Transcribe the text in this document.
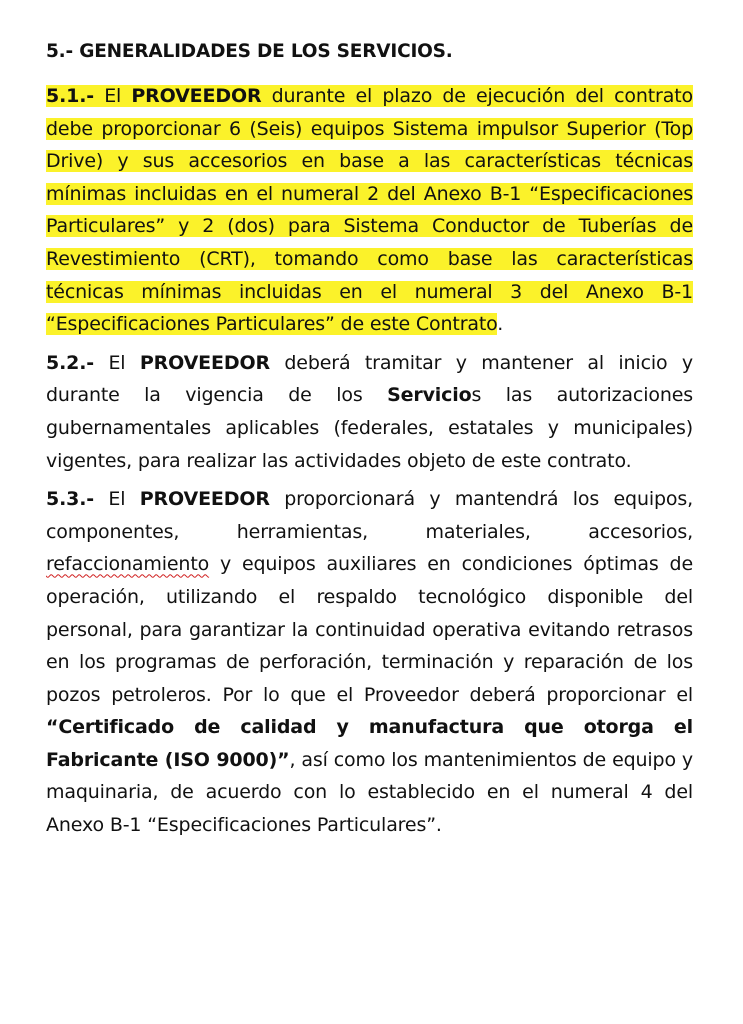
5.- GENERALIDADES DE LOS SERVICIOS.

5.1.- El PROVEEDOR durante el plazo de ejecución del contrato debe proporcionar 6 (Seis) equipos Sistema impulsor Superior (Top Drive) y sus accesorios en base a las características técnicas mínimas incluidas en el numeral 2 del Anexo B-1 “Especificaciones Particulares” y 2 (dos) para Sistema Conductor de Tuberías de Revestimiento (CRT), tomando como base las características técnicas mínimas incluidas en el numeral 3 del Anexo B-1 “Especificaciones Particulares” de este Contrato.

5.2.- El PROVEEDOR deberá tramitar y mantener al inicio y durante la vigencia de los Servicios las autorizaciones gubernamentales aplicables (federales, estatales y municipales) vigentes, para realizar las actividades objeto de este contrato.

5.3.- El PROVEEDOR proporcionará y mantendrá los equipos, componentes, herramientas, materiales, accesorios, refaccionamiento y equipos auxiliares en condiciones óptimas de operación, utilizando el respaldo tecnológico disponible del personal, para garantizar la continuidad operativa evitando retrasos en los programas de perforación, terminación y reparación de los pozos petroleros. Por lo que el Proveedor deberá proporcionar el “Certificado de calidad y manufactura que otorga el Fabricante (ISO 9000)”, así como los mantenimientos de equipo y maquinaria, de acuerdo con lo establecido en el numeral 4 del Anexo B-1 “Especificaciones Particulares”.
